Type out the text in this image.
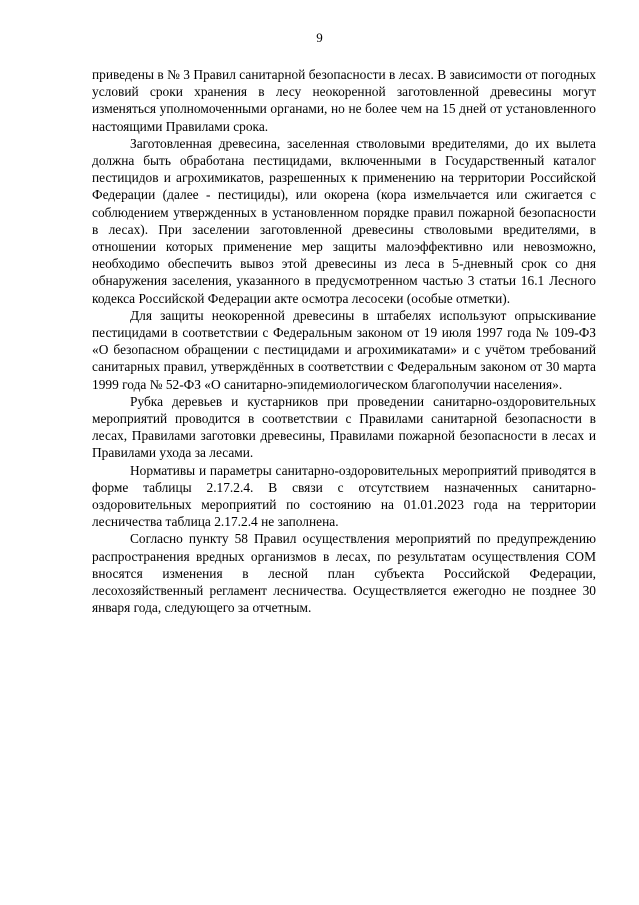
9

приведены в № 3 Правил санитарной безопасности в лесах. В зависимости от погодных условий сроки хранения в лесу неокоренной заготовленной древесины могут изменяться уполномоченными органами, но не более чем на 15 дней от установленного настоящими Правилами срока.

Заготовленная древесина, заселенная стволовыми вредителями, до их вылета должна быть обработана пестицидами, включенными в Государственный каталог пестицидов и агрохимикатов, разрешенных к применению на территории Российской Федерации (далее - пестициды), или окорена (кора измельчается или сжигается с соблюдением утвержденных в установленном порядке правил пожарной безопасности в лесах). При заселении заготовленной древесины стволовыми вредителями, в отношении которых применение мер защиты малоэффективно или невозможно, необходимо обеспечить вывоз этой древесины из леса в 5-дневный срок со дня обнаружения заселения, указанного в предусмотренном частью 3 статьи 16.1 Лесного кодекса Российской Федерации акте осмотра лесосеки (особые отметки).

Для защиты неокоренной древесины в штабелях используют опрыскивание пестицидами в соответствии с Федеральным законом от 19 июля 1997 года № 109-ФЗ «О безопасном обращении с пестицидами и агрохимикатами» и с учётом требований санитарных правил, утверждённых в соответствии с Федеральным законом от 30 марта 1999 года № 52-ФЗ «О санитарно-эпидемиологическом благополучии населения».

Рубка деревьев и кустарников при проведении санитарно-оздоровительных мероприятий проводится в соответствии с Правилами санитарной безопасности в лесах, Правилами заготовки древесины, Правилами пожарной безопасности в лесах и Правилами ухода за лесами.

Нормативы и параметры санитарно-оздоровительных мероприятий приводятся в форме таблицы 2.17.2.4. В связи с отсутствием назначенных санитарно-оздоровительных мероприятий по состоянию на 01.01.2023 года на территории лесничества таблица 2.17.2.4 не заполнена.

Согласно пункту 58 Правил осуществления мероприятий по предупреждению распространения вредных организмов в лесах, по результатам осуществления СОМ вносятся изменения в лесной план субъекта Российской Федерации, лесохозяйственный регламент лесничества. Осуществляется ежегодно не позднее 30 января года, следующего за отчетным.
